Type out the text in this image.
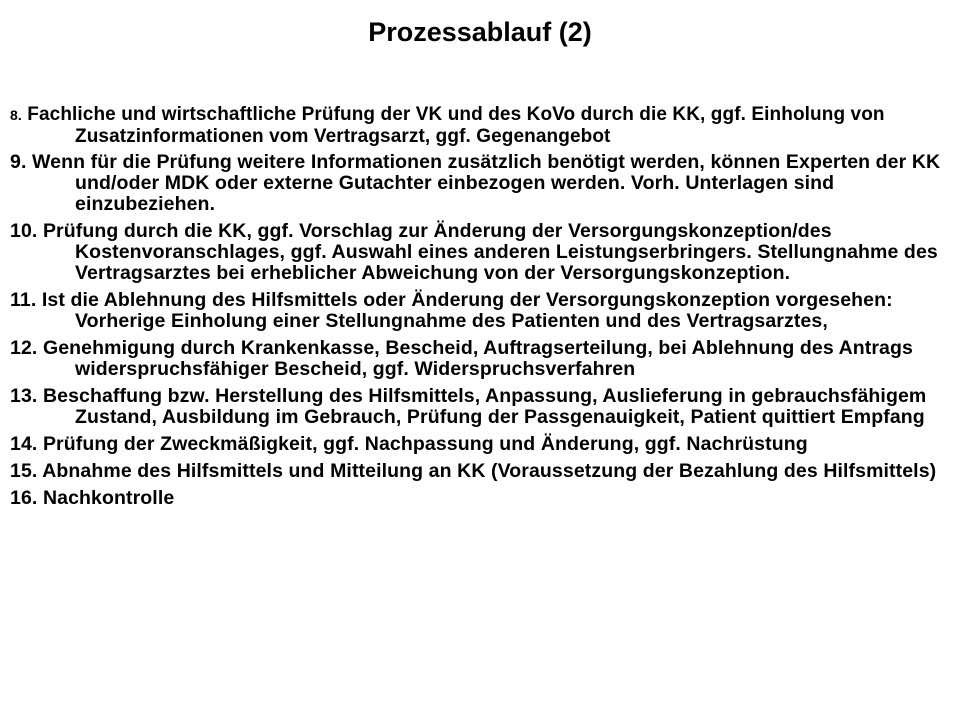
Prozessablauf (2)
8. Fachliche und wirtschaftliche Prüfung der VK und des KoVo durch die KK, ggf. Einholung von Zusatzinformationen vom Vertragsarzt, ggf. Gegenangebot
9. Wenn für die Prüfung weitere Informationen zusätzlich benötigt werden, können Experten der KK und/oder MDK oder externe Gutachter einbezogen werden. Vorh. Unterlagen sind einzubeziehen.
10. Prüfung durch die KK, ggf. Vorschlag zur Änderung der Versorgungskonzeption/des Kostenvoranschlages, ggf. Auswahl eines anderen Leistungserbringers. Stellungnahme des Vertragsarztes bei erheblicher Abweichung von der Versorgungskonzeption.
11. Ist die Ablehnung des Hilfsmittels oder Änderung der Versorgungskonzeption vorgesehen: Vorherige Einholung einer Stellungnahme des Patienten und des Vertragsarztes,
12. Genehmigung durch Krankenkasse, Bescheid, Auftragserteilung, bei Ablehnung des Antrags widerspruchsfähiger Bescheid, ggf. Widerspruchsverfahren
13. Beschaffung bzw. Herstellung des Hilfsmittels, Anpassung, Auslieferung in gebrauchsfähigem Zustand, Ausbildung im Gebrauch, Prüfung der Passgenauigkeit, Patient quittiert Empfang
14. Prüfung der Zweckmäßigkeit, ggf. Nachpassung und Änderung, ggf. Nachrüstung
15. Abnahme des Hilfsmittels und Mitteilung an KK (Voraussetzung der Bezahlung des Hilfsmittels)
16. Nachkontrolle
